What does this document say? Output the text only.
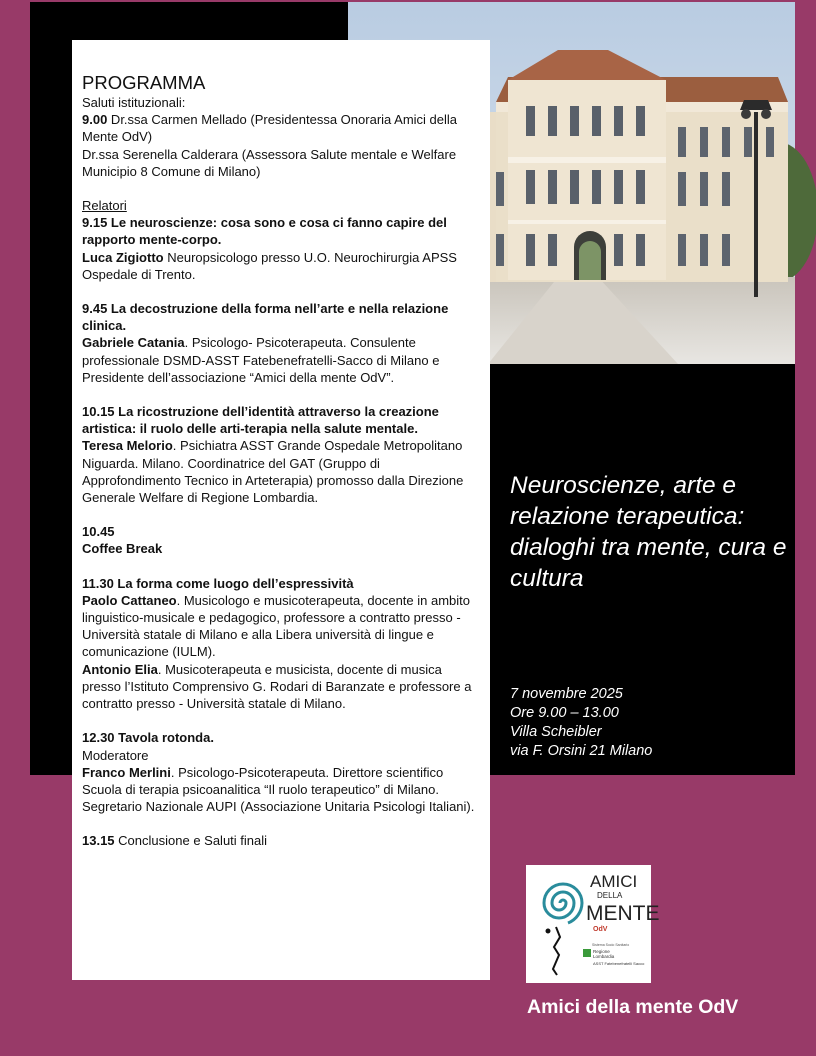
PROGRAMMA

Saluti istituzionali:

9.00 Dr.ssa Carmen Mellado (Presidentessa Onoraria Amici della Mente OdV)

Dr.ssa Serenella Calderara (Assessora Salute mentale e Welfare Municipio 8 Comune di Milano)

Relatori

9.15 Le neuroscienze: cosa sono e cosa ci fanno capire del rapporto mente-corpo.

Luca Zigiotto Neuropsicologo presso U.O. Neurochirurgia APSS Ospedale di Trento.

9.45 La decostruzione della forma nell’arte e nella relazione clinica.

Gabriele Catania. Psicologo- Psicoterapeuta. Consulente professionale DSMD-ASST Fatebenefratelli-Sacco di Milano e Presidente dell’associazione “Amici della mente OdV”.

10.15 La ricostruzione dell’identità attraverso la creazione artistica: il ruolo delle arti-terapia nella salute mentale.

Teresa Melorio. Psichiatra ASST Grande Ospedale Metropolitano Niguarda. Milano. Coordinatrice del GAT (Gruppo di Approfondimento Tecnico in Arteterapia) promosso dalla Direzione Generale Welfare di Regione Lombardia.

10.45

Coffee Break

11.30 La forma come luogo dell’espressività

Paolo Cattaneo. Musicologo e musicoterapeuta, docente in ambito linguistico-musicale e pedagogico, professore a contratto presso - Università statale di Milano e alla Libera università di lingue e comunicazione (IULM).

Antonio Elia. Musicoterapeuta e musicista, docente di musica presso l’Istituto Comprensivo G. Rodari di Baranzate e professore a contratto presso - Università statale di Milano.

12.30 Tavola rotonda.

Moderatore

Franco Merlini. Psicologo-Psicoterapeuta. Direttore scientifico Scuola di terapia psicoanalitica “Il ruolo terapeutico” di Milano. Segretario Nazionale AUPI (Associazione Unitaria Psicologi Italiani).

13.15 Conclusione e Saluti finali

Neuroscienze, arte e relazione terapeutica: dialoghi tra mente, cura e cultura
7 novembre 2025
Ore 9.00 – 13.00
Villa Scheibler
via F. Orsini 21 Milano
AMICI
DELLA
MENTE
OdV
Sistema Socio Sanitario
Regione
Lombardia
ASST Fatebenefratelli Sacco
Amici della mente OdV
